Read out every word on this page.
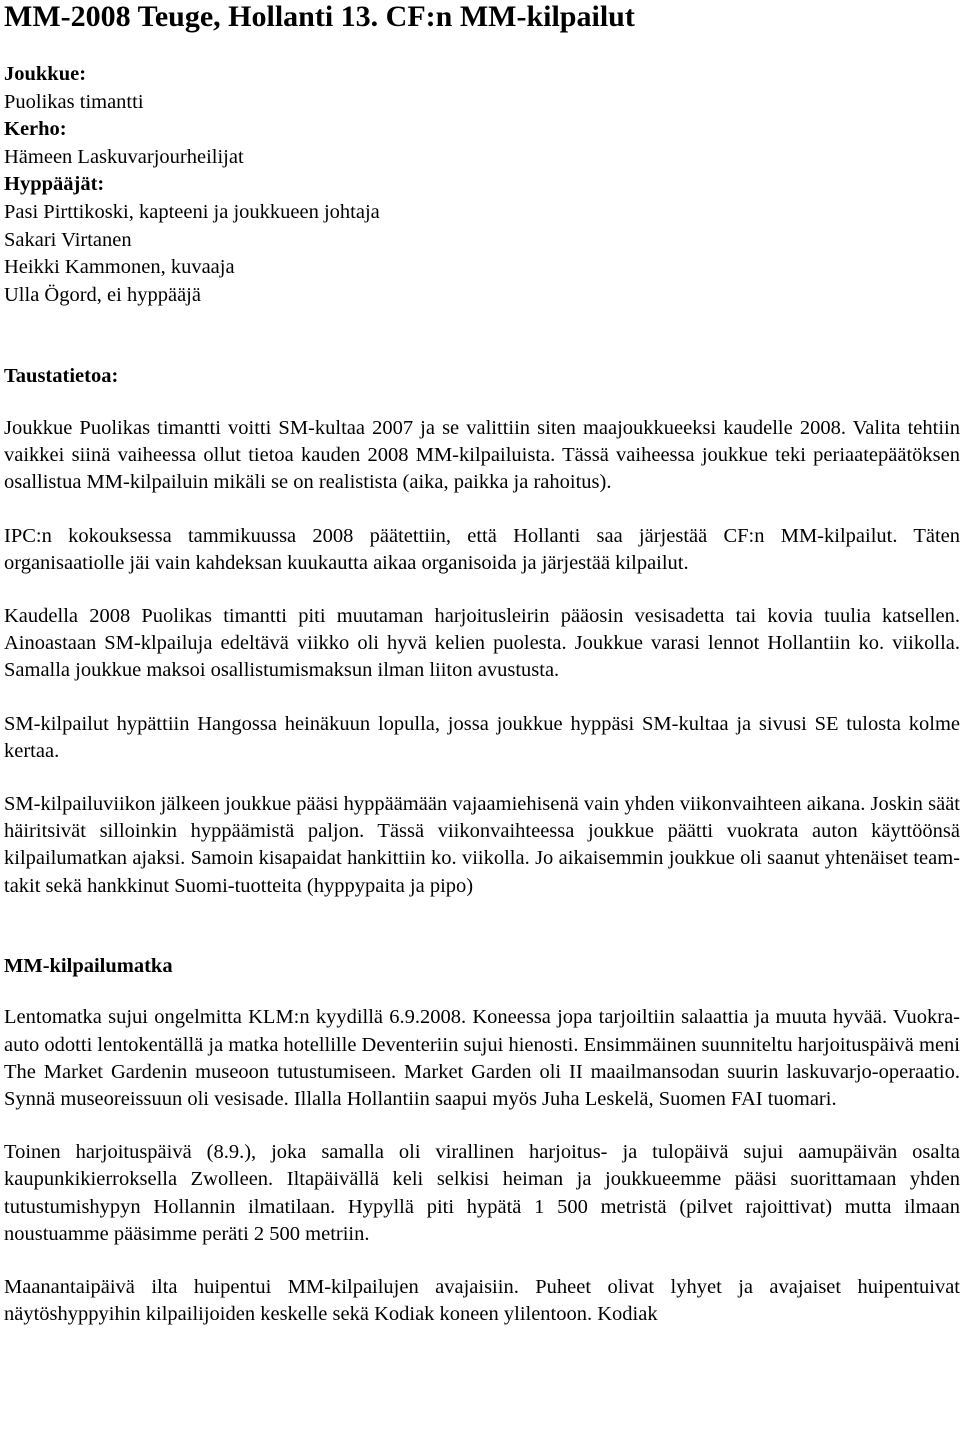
MM-2008 Teuge, Hollanti 13. CF:n MM-kilpailut
Joukkue:
Puolikas timantti
Kerho:
Hämeen Laskuvarjourheilijat
Hyppääjät:
Pasi Pirttikoski, kapteeni ja joukkueen johtaja
Sakari Virtanen
Heikki Kammonen, kuvaaja
Ulla Ögord, ei hyppääjä
Taustatietoa:

Joukkue Puolikas timantti voitti SM-kultaa 2007 ja se valittiin siten maajoukkueeksi kaudelle 2008. Valita tehtiin vaikkei siinä vaiheessa ollut tietoa kauden 2008 MM-kilpailuista. Tässä vaiheessa joukkue teki periaatepäätöksen osallistua MM-kilpailuin mikäli se on realistista (aika, paikka ja rahoitus).

IPC:n kokouksessa tammikuussa 2008 päätettiin, että Hollanti saa järjestää CF:n MM-kilpailut. Täten organisaatiolle jäi vain kahdeksan kuukautta aikaa organisoida ja järjestää kilpailut.

Kaudella 2008 Puolikas timantti piti muutaman harjoitusleirin pääosin vesisadetta tai kovia tuulia katsellen. Ainoastaan SM-klpailuja edeltävä viikko oli hyvä kelien puolesta. Joukkue varasi lennot Hollantiin ko. viikolla. Samalla joukkue maksoi osallistumismaksun ilman liiton avustusta.

SM-kilpailut hypättiin Hangossa heinäkuun lopulla, jossa joukkue hyppäsi SM-kultaa ja sivusi SE tulosta kolme kertaa.

SM-kilpailuviikon jälkeen joukkue pääsi hyppäämään vajaamiehisenä vain yhden viikonvaihteen aikana. Joskin säät häiritsivät silloinkin hyppäämistä paljon. Tässä viikonvaihteessa joukkue päätti vuokrata auton käyttöönsä kilpailumatkan ajaksi. Samoin kisapaidat hankittiin ko. viikolla. Jo aikaisemmin joukkue oli saanut yhtenäiset team-takit sekä hankkinut Suomi-tuotteita (hyppypaita ja pipo)

MM-kilpailumatka

Lentomatka sujui ongelmitta KLM:n kyydillä 6.9.2008. Koneessa jopa tarjoiltiin salaattia ja muuta hyvää. Vuokra-auto odotti lentokentällä ja matka hotellille Deventeriin sujui hienosti. Ensimmäinen suunniteltu harjoituspäivä meni The Market Gardenin museoon tutustumiseen. Market Garden oli II maailmansodan suurin laskuvarjo-operaatio. Synnä museoreissuun oli vesisade. Illalla Hollantiin saapui myös Juha Leskelä, Suomen FAI tuomari.

Toinen harjoituspäivä (8.9.), joka samalla oli virallinen harjoitus- ja tulopäivä sujui aamupäivän osalta kaupunkikierroksella Zwolleen. Iltapäivällä keli selkisi heiman ja joukkueemme pääsi suorittamaan yhden tutustumishypyn Hollannin ilmatilaan. Hypyllä piti hypätä 1 500 metristä (pilvet rajoittivat) mutta ilmaan noustuamme pääsimme peräti 2 500 metriin.

Maanantaipäivä ilta huipentui MM-kilpailujen avajaisiin. Puheet olivat lyhyet ja avajaiset huipentuivat näytöshyppyihin kilpailijoiden keskelle sekä Kodiak koneen ylilentoon. Kodiak
